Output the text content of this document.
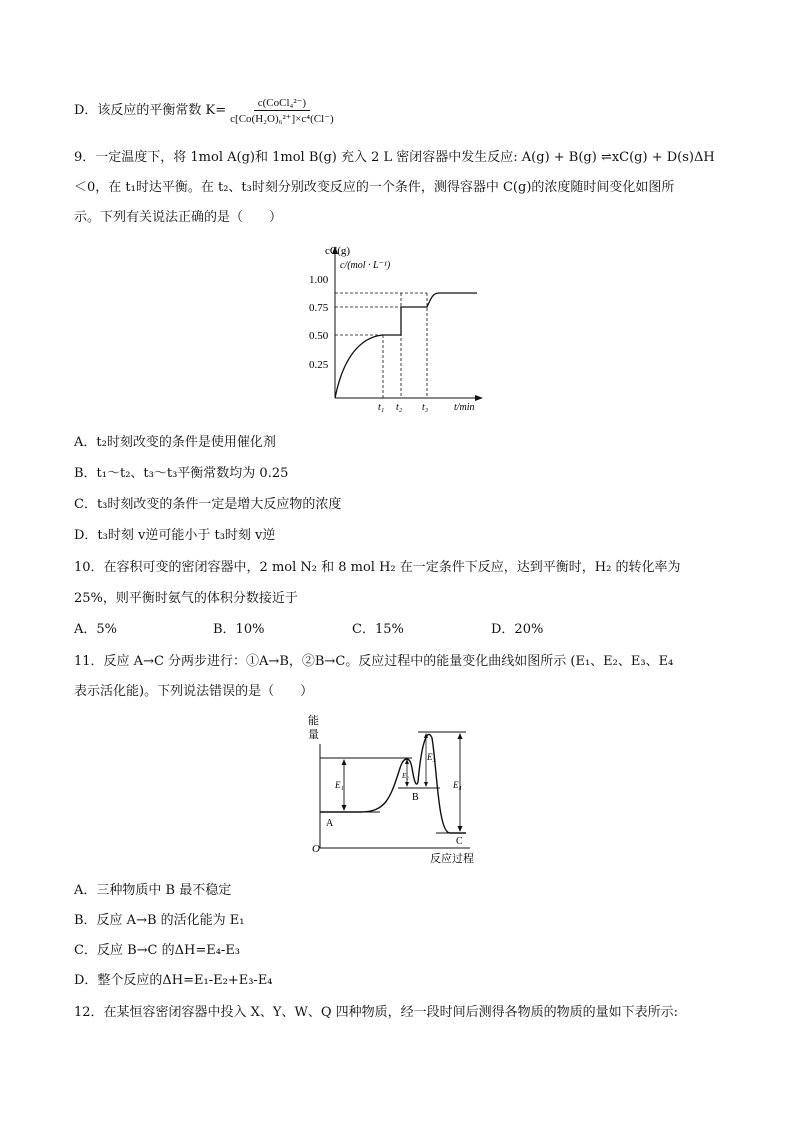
D．该反应的平衡常数 $K= \frac{\text{c(CoCl₄²⁻)}}{\text{c[Co(H₂O)₆²⁺]×c⁴(Cl⁻)}}$
9．一定温度下，将 1mol A(g)和 1mol B(g) 充入 2 L 密闭容器中发生反应: A(g) + B(g) ⇌xC(g) + D(s)ΔH
＜0，在 t₁时达平衡。在 t₂、t₃时刻分别改变反应的一个条件，测得容器中 C(g)的浓度随时间变化如图所
示。下列有关说法正确的是（　　）
cC(g)
c/(mol · L⁻¹)
t/min
1.00
0.75
0.50
0.25
t₁ t₂ t₃
A．t₂时刻改变的条件是使用催化剂
B．t₁～t₂、t₃～t₃平衡常数均为 0.25
C．t₃时刻改变的条件一定是增大反应物的浓度
D．t₃时刻 v逆可能小于 t₃时刻 v逆
10．在容积可变的密闭容器中，2 mol N₂ 和 8 mol H₂ 在一定条件下反应，达到平衡时，H₂ 的转化率为
25%，则平衡时氨气的体积分数接近于
A．5%	B．10%	C．15%	D．20%
11．反应 A→C 分两步进行：①A→B，②B→C。反应过程中的能量变化曲线如图所示 (E₁、E₂、E₃、E₄
表示活化能)。下列说法错误的是（　　）
能
量
O
反应过程
E₁
E₂
E₃
E₄
A
B
C
A．三种物质中 B 最不稳定
B．反应 A→B 的活化能为 E₁
C．反应 B→C 的ΔH=E₄-E₃
D．整个反应的ΔH=E₁-E₂+E₃-E₄
12．在某恒容密闭容器中投入 X、Y、W、Q 四种物质，经一段时间后测得各物质的物质的量如下表所示:
